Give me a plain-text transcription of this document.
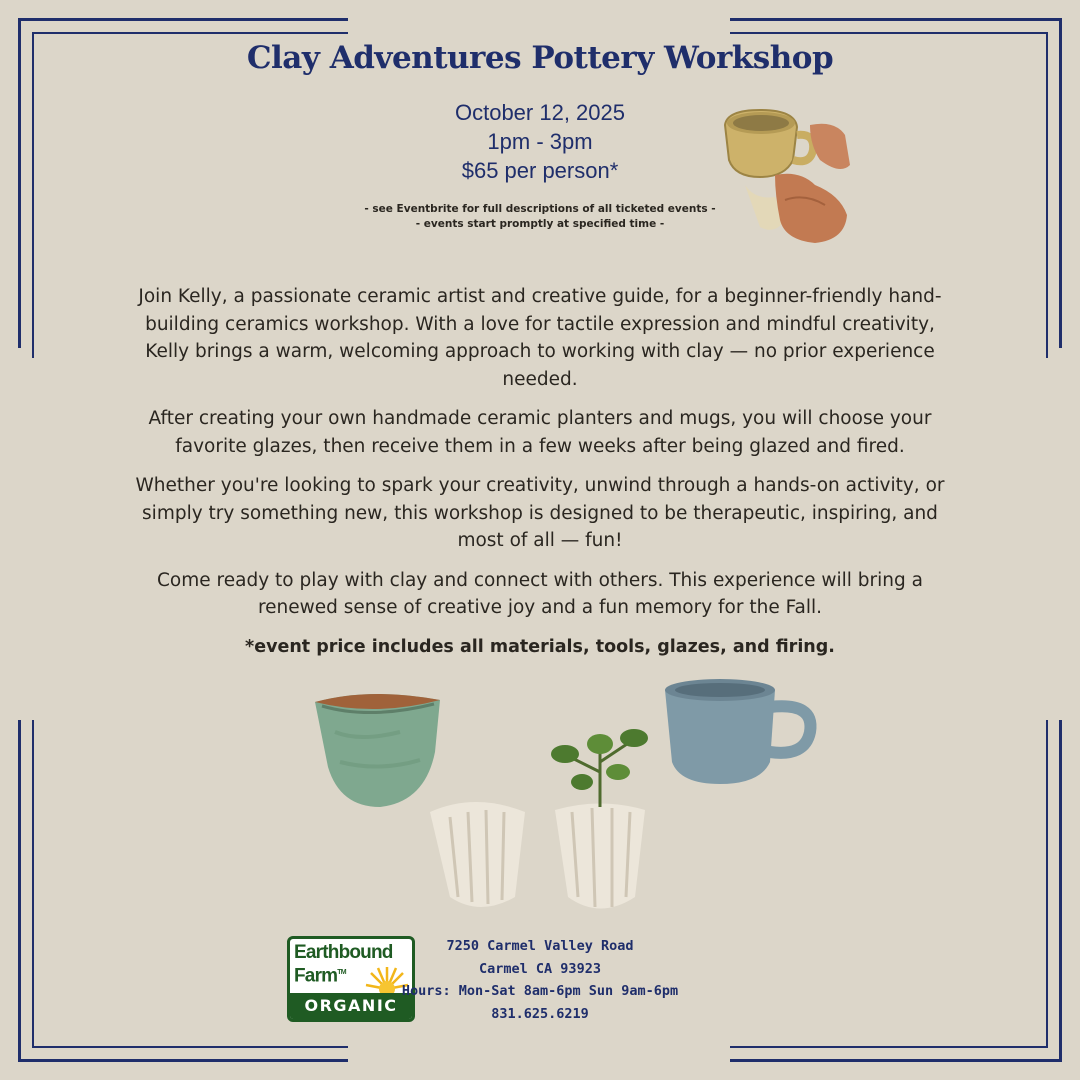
Clay Adventures Pottery Workshop
October 12, 2025
1pm - 3pm
$65 per person*
- see Eventbrite for full descriptions of all ticketed events -
- events start promptly at specified time -

Join Kelly, a passionate ceramic artist and creative guide, for a beginner-friendly hand-building ceramics workshop. With a love for tactile expression and mindful creativity, Kelly brings a warm, welcoming approach to working with clay — no prior experience needed.

After creating your own handmade ceramic planters and mugs, you will choose your favorite glazes, then receive them in a few weeks after being glazed and fired.

Whether you're looking to spark your creativity, unwind through a hands-on activity, or simply try something new, this workshop is designed to be therapeutic, inspiring, and most of all — fun!

Come ready to play with clay and connect with others. This experience will bring a renewed sense of creative joy and a fun memory for the Fall.

*event price includes all materials, tools, glazes, and firing.

Earthbound
Farm™
ORGANIC
7250 Carmel Valley Road
Carmel CA 93923
Hours: Mon-Sat 8am-6pm Sun 9am-6pm
831.625.6219
